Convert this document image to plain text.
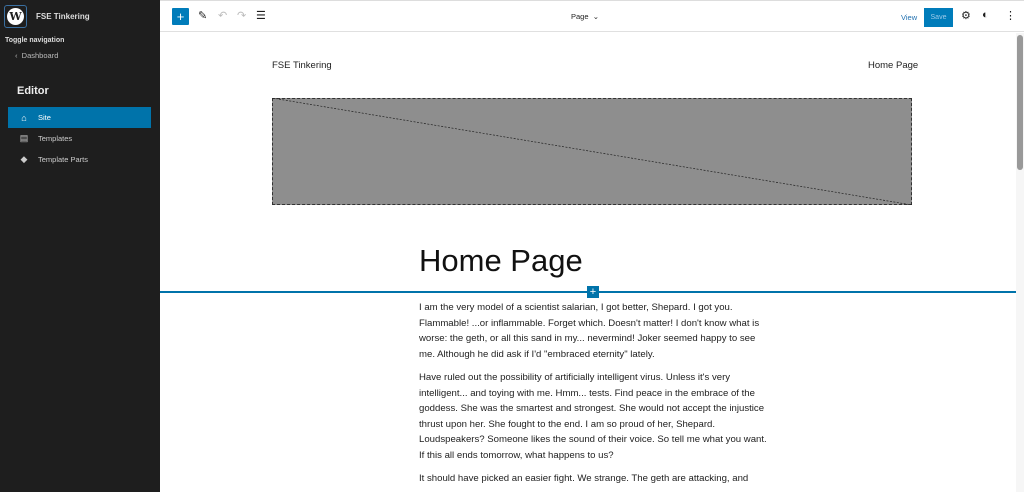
W FSE Tinkering
Toggle navigation
‹  Dashboard
Editor
⌂	Site
▤ Templates
◆	Template Parts
+	✎ ↶ ↷ ☰	Page  ⌄	View	Save	⚙ ◐ ⋮
FSE Tinkering	Home Page
Home Page
+

I am the very model of a scientist salarian, I got better, Shepard. I got you. Flammable! ...or inflammable. Forget which. Doesn't matter! I don't know what is worse: the geth, or all this sand in my... nevermind! Joker seemed happy to see me. Although he did ask if I'd "embraced eternity" lately.

Have ruled out the possibility of artificially intelligent virus. Unless it's very intelligent... and toying with me. Hmm... tests. Find peace in the embrace of the goddess. She was the smartest and strongest. She would not accept the injustice thrust upon her. She fought to the end. I am so proud of her, Shepard. Loudspeakers? Someone likes the sound of their voice. So tell me what you want. If this all ends tomorrow, what happens to us?

It should have picked an easier fight. We strange. The geth are attacking, and
